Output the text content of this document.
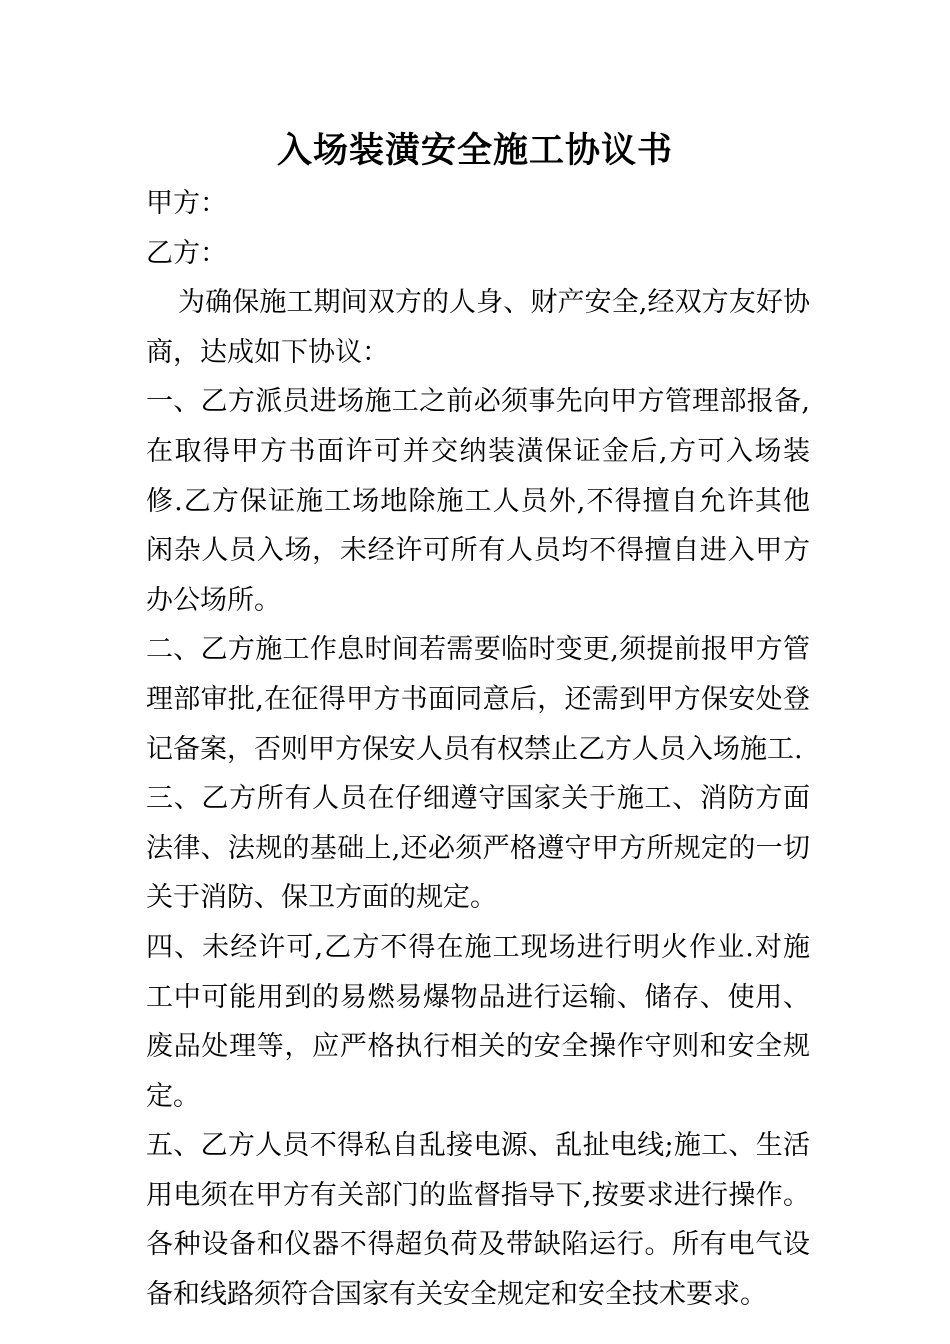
入场装潢安全施工协议书

甲方：

乙方：

为确保施工期间双方的人身、财产安全,经双方友好协商，达成如下协议：

一、乙方派员进场施工之前必须事先向甲方管理部报备,在取得甲方书面许可并交纳装潢保证金后,方可入场装修.乙方保证施工场地除施工人员外,不得擅自允许其他闲杂人员入场，未经许可所有人员均不得擅自进入甲方办公场所。

二、乙方施工作息时间若需要临时变更,须提前报甲方管理部审批,在征得甲方书面同意后，还需到甲方保安处登记备案，否则甲方保安人员有权禁止乙方人员入场施工.

三、乙方所有人员在仔细遵守国家关于施工、消防方面法律、法规的基础上,还必须严格遵守甲方所规定的一切关于消防、保卫方面的规定。

四、未经许可,乙方不得在施工现场进行明火作业.对施工中可能用到的易燃易爆物品进行运输、储存、使用、废品处理等，应严格执行相关的安全操作守则和安全规定。

五、乙方人员不得私自乱接电源、乱扯电线;施工、生活用电须在甲方有关部门的监督指导下,按要求进行操作。各种设备和仪器不得超负荷及带缺陷运行。所有电气设备和线路须符合国家有关安全规定和安全技术要求。
